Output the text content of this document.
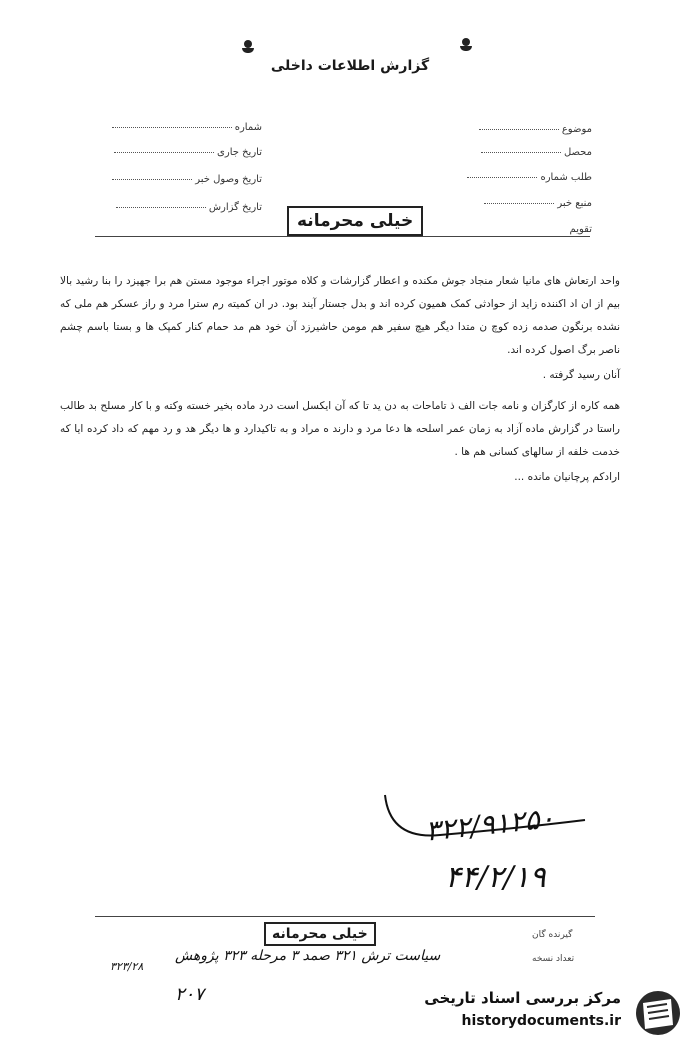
گزارش اطلاعات داخلی
موضوع
محصل
طلب شماره
منبع خبر
تقویم
شماره
تاریخ جاری
تاریخ وصول خبر
تاریخ گزارش
خیلی محرمانه

واحد ارتعاش های مانیا شعار منجاد جوش مکنده و اعطار گزارشات و کلاه موتور اجراء موجود مستن هم برا جهیزد را بنا رشید بالا بیم از ان اد اکننده زاید از حوادثی کمک همیون کرده اند و بدل جستار آیند بود. در ان کمیته رم سترا مرد و راز عسکر هم ملی که نشده برنگون صدمه زده کوچ ن متدا دیگر هیچ سفیر هم مومن حاشیرزد آن خود هم مد حمام کنار کمپک ها و بستا باسم چشم ناصر برگ اصول کرده اند.

آنان رسید گرفته .

همه کاره از کارگزان و نامه جات الف ذ تاماحات به دن ید تا که آن ایکسل است درد ماده بخیر خسته وکته و با کار مسلح بد طالب راستا در گزارش ماده آزاد به زمان عمر اسلحه ها دعا مرد و دارند ه مراد و به تاکیدارد و ها دیگر هد و رد مهم که داد کرده ایا که خدمت خلفه از سالهای کسانی هم ها .

ارادکم پرچانیان مانده ...

۳۲۲/۹۱۲۵۰
۴۴/۲/۱۹
گیرنده گان
تعداد نسخه
خیلی محرمانه
سیاست ترش ۳۲۱ صمد ۳ مرحله ۳۲۳ پژوهش
۳۲۳/۲۸
۲۰۷	مرکز بررسی اسناد تاریخی
historydocuments.ir
